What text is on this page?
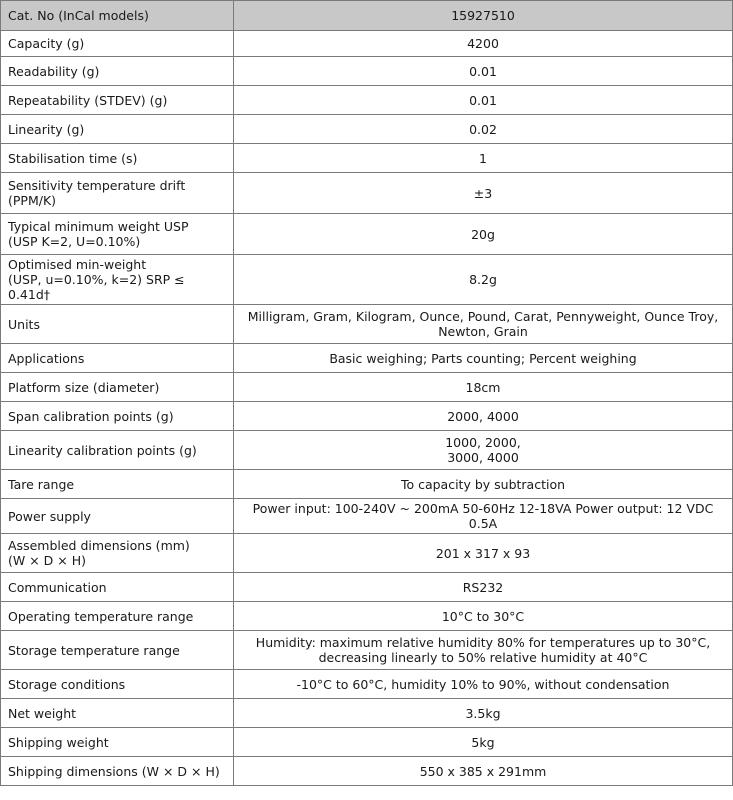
Cat. No (InCal models)	15927510

Capacity (g)	4200

Readability (g)	0.01

Repeatability (STDEV) (g)	0.01

Linearity (g)	0.02

Stabilisation time (s)	1

Sensitivity temperature drift
(PPM/K)	±3

Typical minimum weight USP
(USP K=2, U=0.10%)	20g

Optimised min-weight
(USP, u=0.10%, k=2) SRP ≤ 0.41d†	8.2g

Units	Milligram, Gram, Kilogram, Ounce, Pound, Carat, Pennyweight, Ounce Troy,
Newton, Grain

Applications	Basic weighing; Parts counting; Percent weighing

Platform size (diameter)	18cm

Span calibration points (g)	2000, 4000

Linearity calibration points (g)	1000, 2000,
3000, 4000

Tare range	To capacity by subtraction

Power supply	Power input: 100-240V ~ 200mA 50-60Hz 12-18VA Power output: 12 VDC 0.5A

Assembled dimensions (mm)
(W × D × H)	201 x 317 x 93

Communication	RS232

Operating temperature range	10°C to 30°C

Storage temperature range	Humidity: maximum relative humidity 80% for temperatures up to 30°C,
decreasing linearly to 50% relative humidity at 40°C

Storage conditions	-10°C to 60°C, humidity 10% to 90%, without condensation

Net weight	3.5kg

Shipping weight	5kg

Shipping dimensions (W × D × H)	550 x 385 x 291mm
